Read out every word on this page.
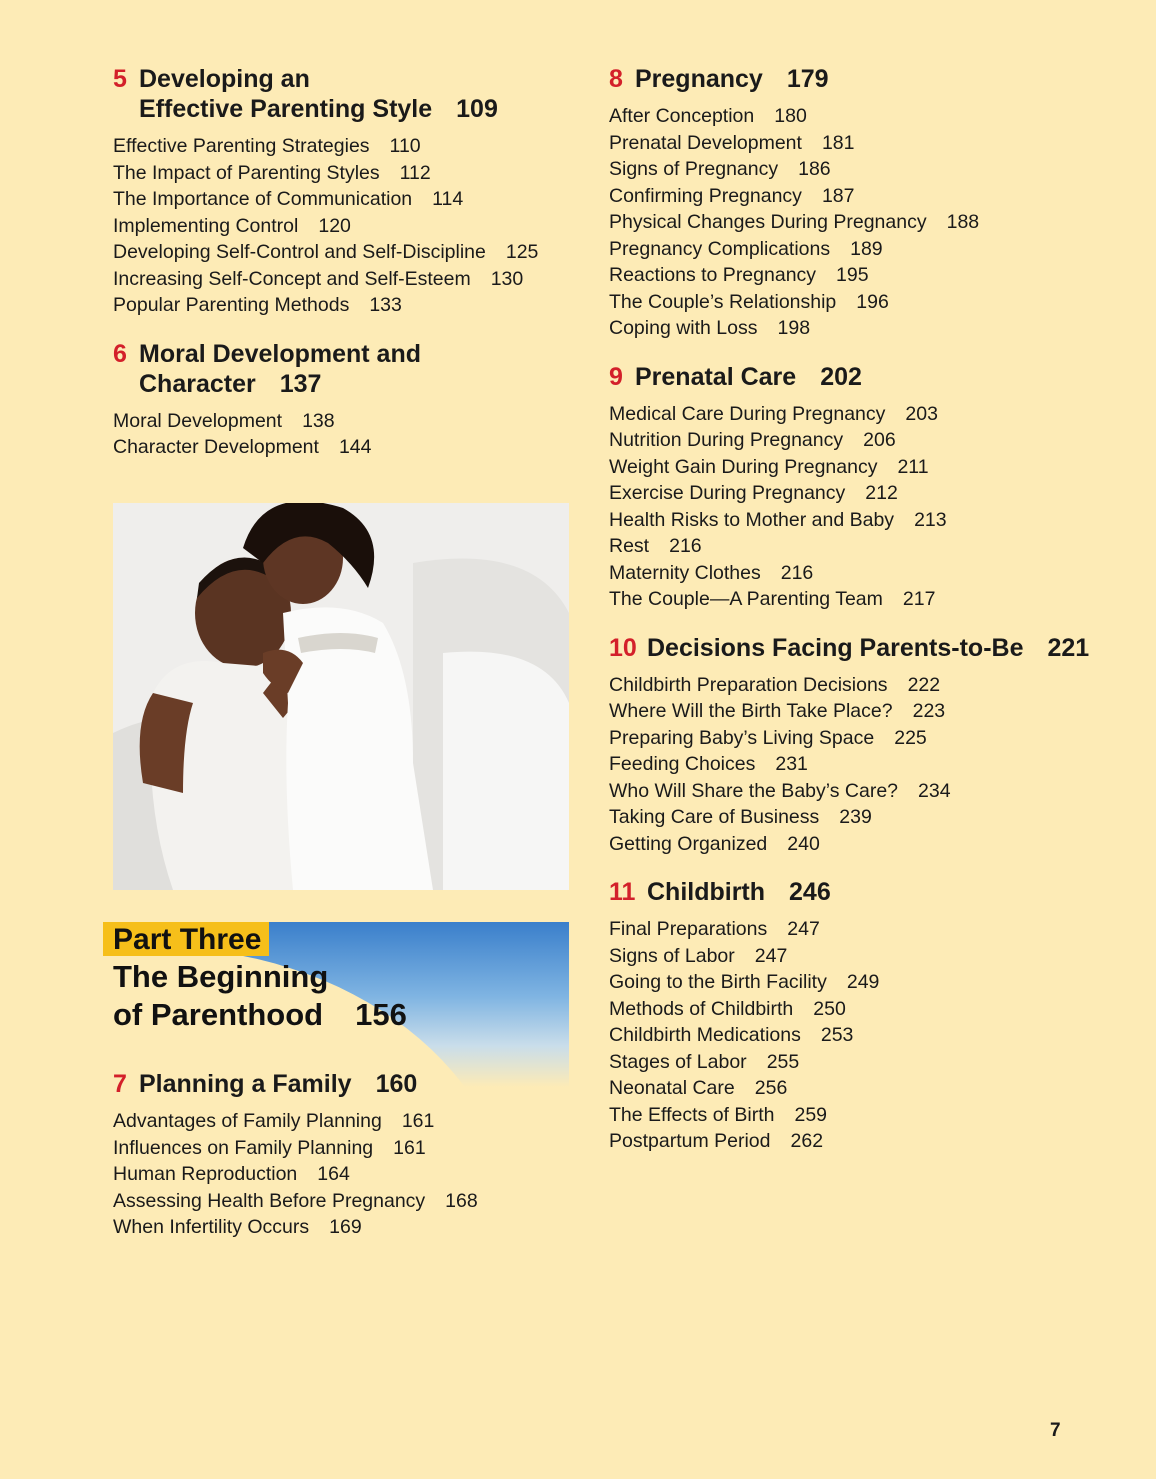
5 Developing an
Effective Parenting Style 109
Effective Parenting Strategies 110
The Impact of Parenting Styles 112
The Importance of Communication 114
Implementing Control 120
Developing Self-Control and Self-Discipline 125
Increasing Self-Concept and Self-Esteem 130
Popular Parenting Methods 133
6 Moral Development and Character 137
Moral Development 138
Character Development 144
Part Three
The Beginning
of Parenthood 156
7 Planning a Family 160
Advantages of Family Planning 161
Influences on Family Planning 161
Human Reproduction 164
Assessing Health Before Pregnancy 168
When Infertility Occurs 169
8 Pregnancy 179
After Conception 180
Prenatal Development 181
Signs of Pregnancy 186
Confirming Pregnancy 187
Physical Changes During Pregnancy 188
Pregnancy Complications 189
Reactions to Pregnancy 195
The Couple’s Relationship 196
Coping with Loss 198
9 Prenatal Care 202
Medical Care During Pregnancy 203
Nutrition During Pregnancy 206
Weight Gain During Pregnancy 211
Exercise During Pregnancy 212
Health Risks to Mother and Baby 213
Rest 216
Maternity Clothes 216
The Couple—A Parenting Team 217
10 Decisions Facing Parents-to-Be 221
Childbirth Preparation Decisions 222
Where Will the Birth Take Place? 223
Preparing Baby’s Living Space 225
Feeding Choices 231
Who Will Share the Baby’s Care? 234
Taking Care of Business 239
Getting Organized 240
11 Childbirth 246
Final Preparations 247
Signs of Labor 247
Going to the Birth Facility 249
Methods of Childbirth 250
Childbirth Medications 253
Stages of Labor 255
Neonatal Care 256
The Effects of Birth 259
Postpartum Period 262
7
